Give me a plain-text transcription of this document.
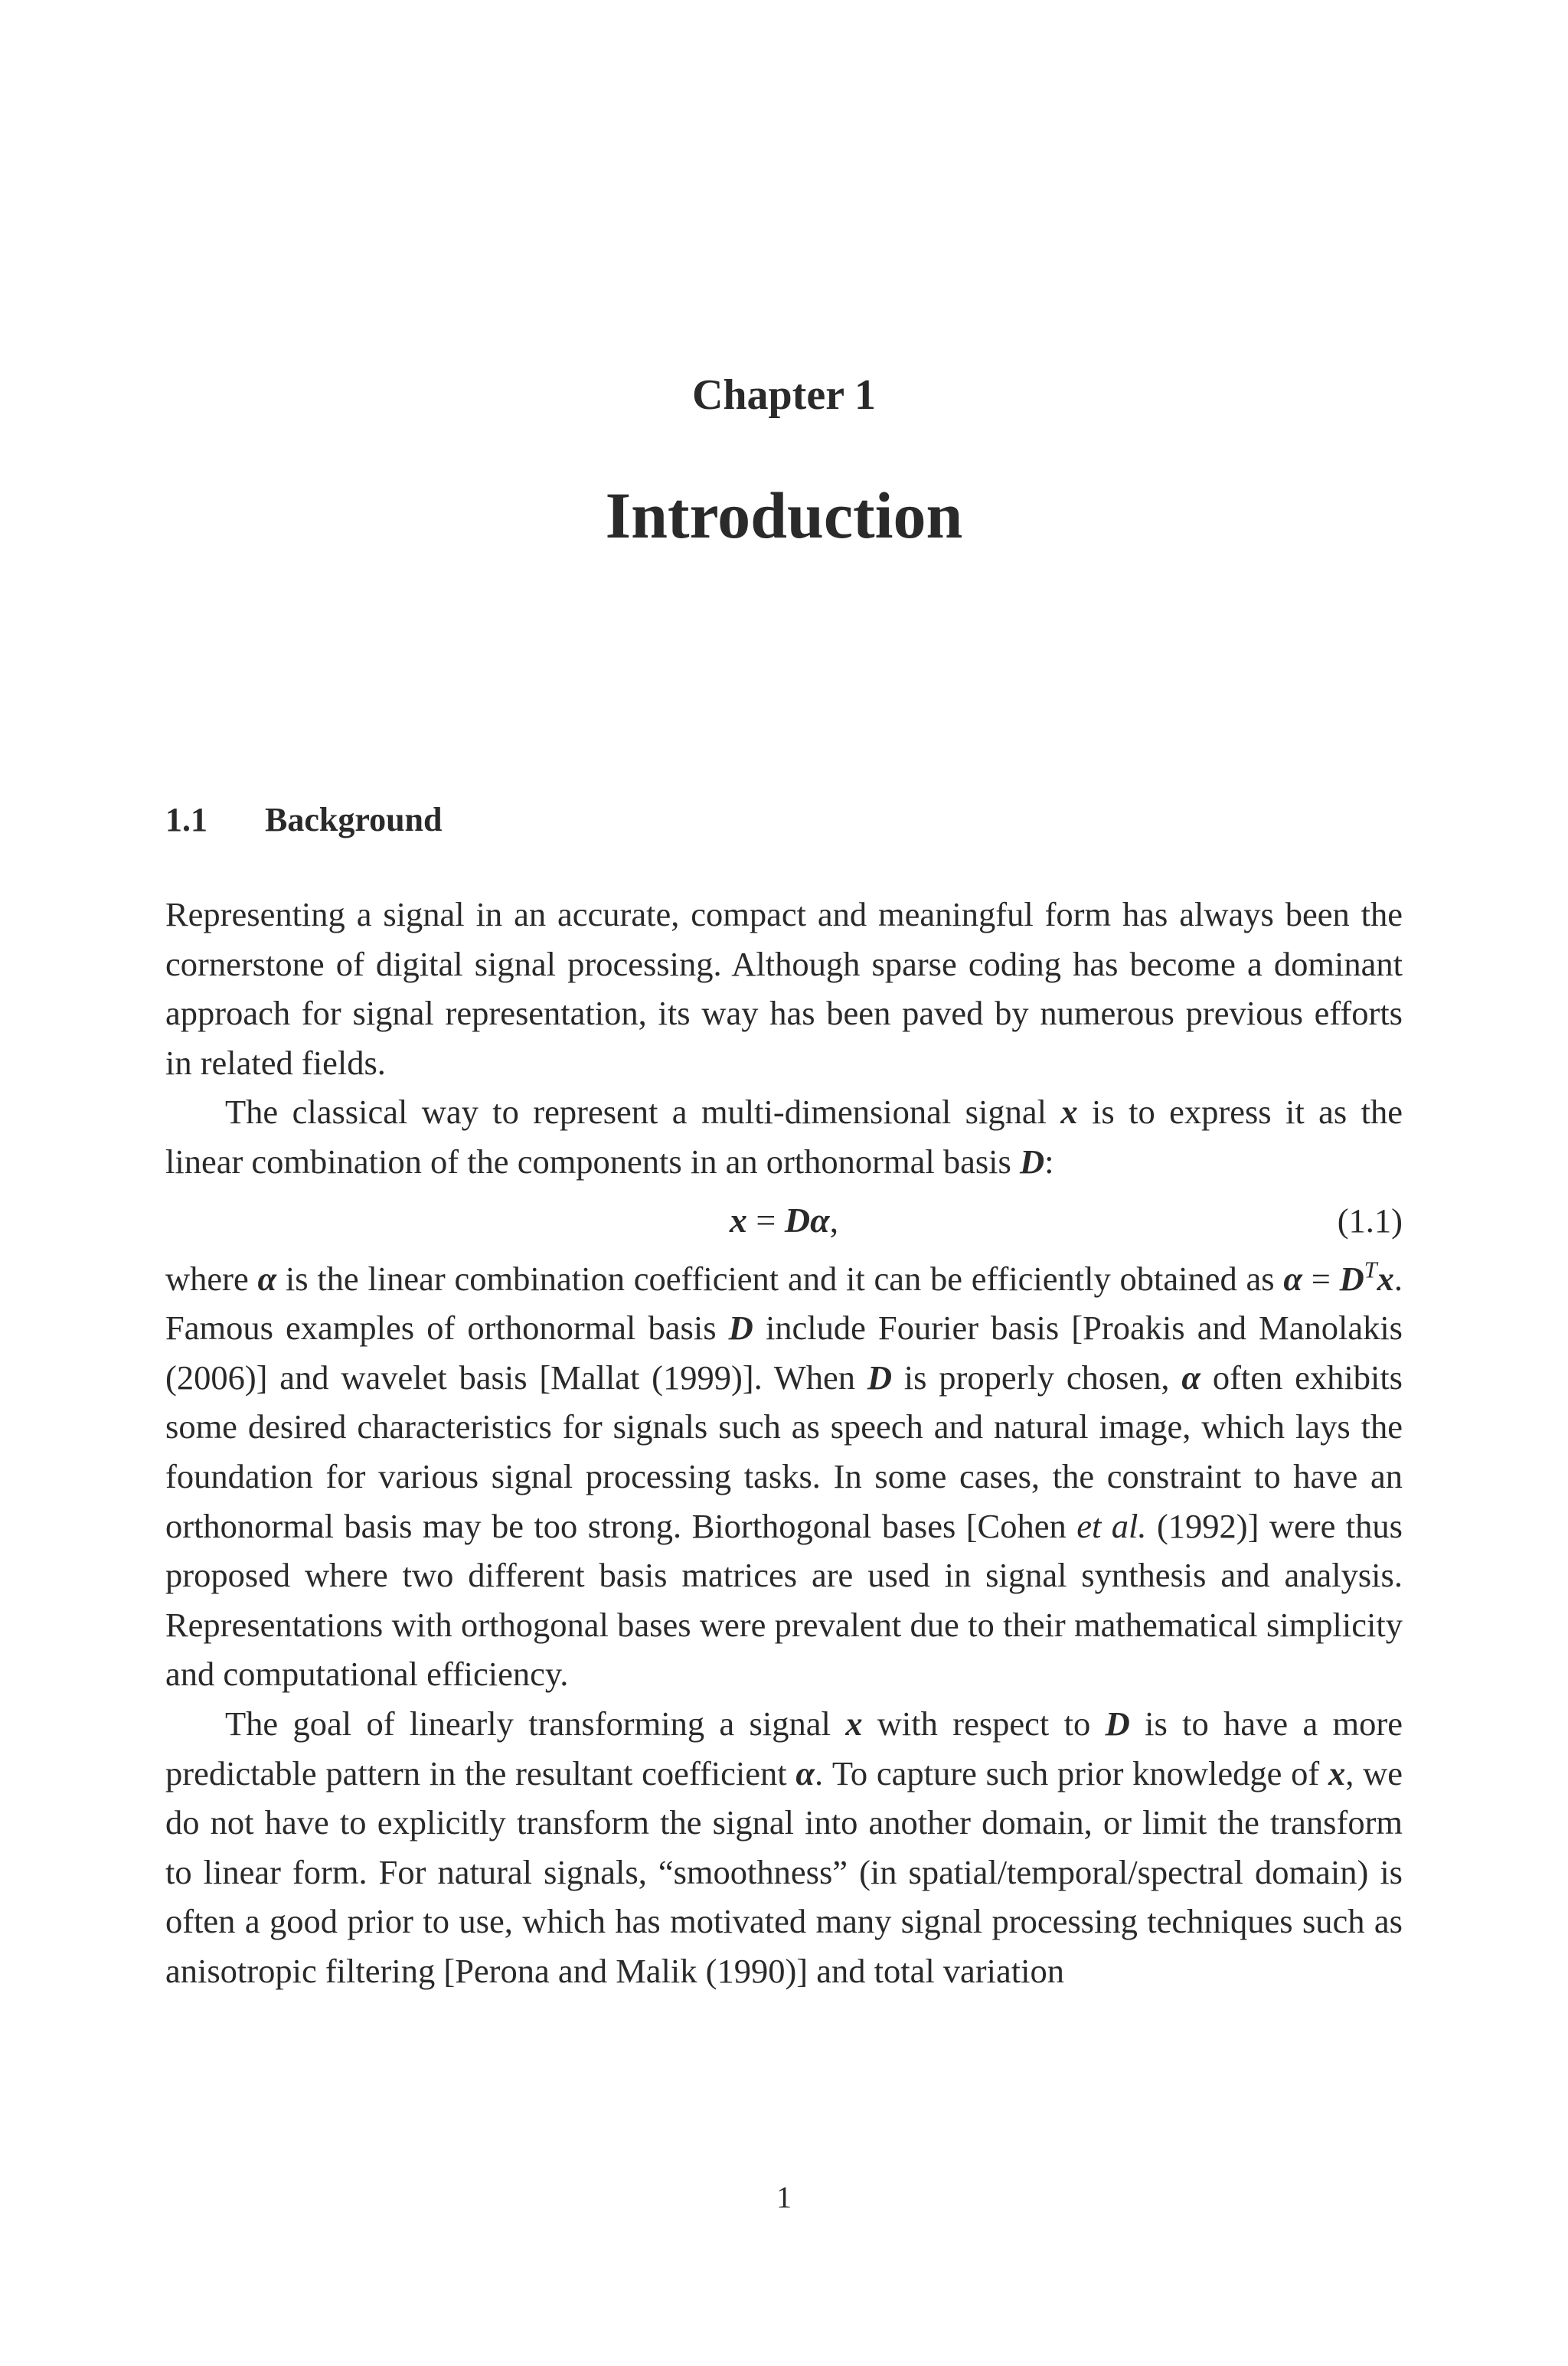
Chapter 1
Introduction
1.1 Background

Representing a signal in an accurate, compact and meaningful form has always been the cornerstone of digital signal processing. Although sparse coding has become a dominant approach for signal representation, its way has been paved by numerous previous efforts in related fields.

The classical way to represent a multi-dimensional signal x is to express it as the linear combination of the components in an orthonormal basis D:

x = Dα,	(1.1)

where α is the linear combination coefficient and it can be efficiently obtained as $\alpha = D^Tx$. Famous examples of orthonormal basis D include Fourier basis [Proakis and Manolakis (2006)] and wavelet basis [Mallat (1999)]. When D is properly chosen, α often exhibits some desired characteristics for signals such as speech and natural image, which lays the foundation for various signal processing tasks. In some cases, the constraint to have an orthonormal basis may be too strong. Biorthogonal bases [Cohen et al. (1992)] were thus proposed where two different basis matrices are used in signal synthesis and analysis. Representations with orthogonal bases were prevalent due to their mathematical simplicity and computational efficiency.

The goal of linearly transforming a signal x with respect to D is to have a more predictable pattern in the resultant coefficient α. To capture such prior knowledge of x, we do not have to explicitly transform the signal into another domain, or limit the transform to linear form. For natural signals, “smoothness” (in spatial/temporal/spectral domain) is often a good prior to use, which has motivated many signal processing techniques such as anisotropic filtering [Perona and Malik (1990)] and total variation

1
